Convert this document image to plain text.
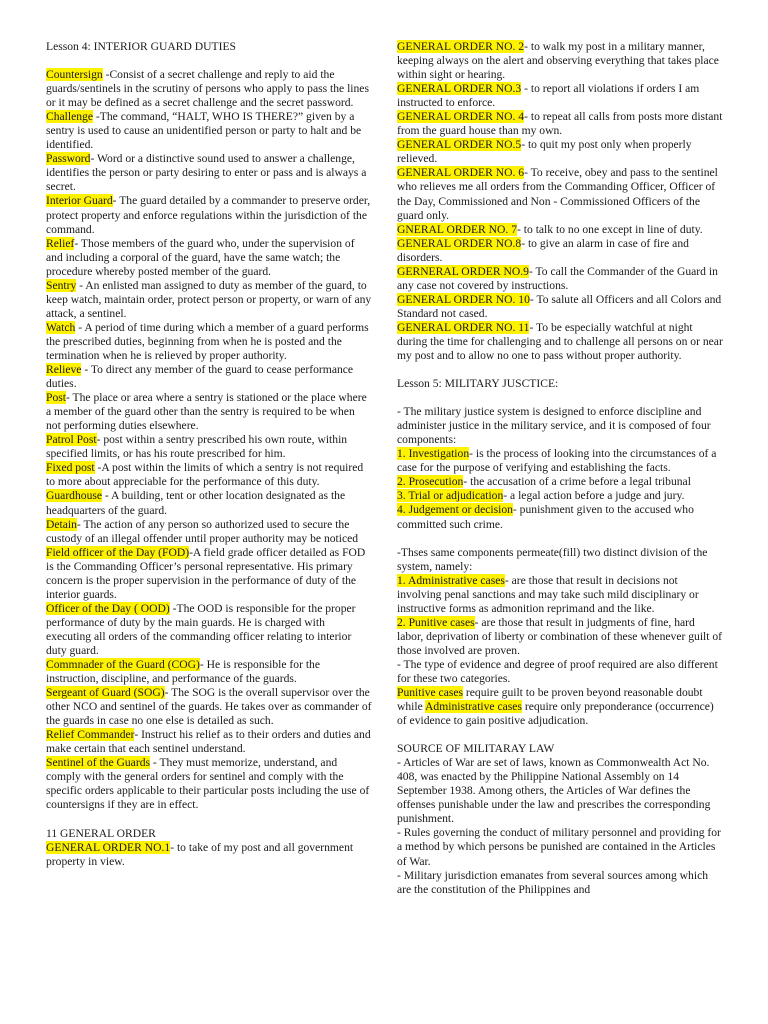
Lesson 4: INTERIOR GUARD DUTIES

Countersign -Consist of a secret challenge and reply to aid the guards/sentinels in the scrutiny of persons who apply to pass the lines or it may be defined as a secret challenge and the secret password.

Challenge -The command, “HALT, WHO IS THERE?” given by a sentry is used to cause an unidentified person or party to halt and be identified.

Password- Word or a distinctive sound used to answer a challenge, identifies the person or party desiring to enter or pass and is always a secret.

Interior Guard- The guard detailed by a commander to preserve order, protect property and enforce regulations within the jurisdiction of the command.

Relief- Those members of the guard who, under the supervision of and including a corporal of the guard, have the same watch; the procedure whereby posted member of the guard.

Sentry - An enlisted man assigned to duty as member of the guard, to keep watch, maintain order, protect person or property, or warn of any attack, a sentinel.

Watch - A period of time during which a member of a guard performs the prescribed duties, beginning from when he is posted and the termination when he is relieved by proper authority.

Relieve - To direct any member of the guard to cease performance duties.

Post- The place or area where a sentry is stationed or the place where a member of the guard other than the sentry is required to be when not performing duties elsewhere.

Patrol Post- post within a sentry prescribed his own route, within specified limits, or has his route prescribed for him.

Fixed post -A post within the limits of which a sentry is not required to more about appreciable for the performance of this duty.

Guardhouse - A building, tent or other location designated as the headquarters of the guard.

Detain- The action of any person so authorized used to secure the custody of an illegal offender until proper authority may be noticed

Field officer of the Day (FOD)-A field grade officer detailed as FOD is the Commanding Officer’s personal representative. His primary concern is the proper supervision in the performance of duty of the interior guards.

Officer of the Day ( OOD) -The OOD is responsible for the proper performance of duty by the main guards. He is charged with executing all orders of the commanding officer relating to interior duty guard.

Commnader of the Guard (COG)- He is responsible for the instruction, discipline, and performance of the guards.

Sergeant of Guard (SOG)- The SOG is the overall supervisor over the other NCO and sentinel of the guards. He takes over as commander of the guards in case no one else is detailed as such.

Relief Commander- Instruct his relief as to their orders and duties and make certain that each sentinel understand.

Sentinel of the Guards - They must memorize, understand, and comply with the general orders for sentinel and comply with the specific orders applicable to their particular posts including the use of countersigns if they are in effect.

11 GENERAL ORDER

GENERAL ORDER NO.1- to take of my post and all government property in view.

GENERAL ORDER NO. 2- to walk my post in a military manner, keeping always on the alert and observing everything that takes place within sight or hearing.

GENERAL ORDER NO.3 - to report all violations if orders I am instructed to enforce.

GENERAL ORDER NO. 4- to repeat all calls from posts more distant from the guard house than my own.

GENERAL ORDER NO.5- to quit my post only when properly relieved.

GENERAL ORDER NO. 6- To receive, obey and pass to the sentinel who relieves me all orders from the Commanding Officer, Officer of the Day, Commissioned and Non - Commissioned Officers of the guard only.

GNERAL ORDER NO. 7- to talk to no one except in line of duty.

GENERAL ORDER NO.8- to give an alarm in case of fire and disorders.

GERNERAL ORDER NO.9- To call the Commander of the Guard in any case not covered by instructions.

GENERAL ORDER NO. 10- To salute all Officers and all Colors and Standard not cased.

GENERAL ORDER NO. 11- To be especially watchful at night during the time for challenging and to challenge all persons on or near my post and to allow no one to pass without proper authority.

Lesson 5: MILITARY JUSCTICE:

- The military justice system is designed to enforce discipline and administer justice in the military service, and it is composed of four components:

1. Investigation- is the process of looking into the circumstances of a case for the purpose of verifying and establishing the facts.

2. Prosecution- the accusation of a crime before a legal tribunal

3. Trial or adjudication- a legal action before a judge and jury.

4. Judgement or decision- punishment given to the accused who committed such crime.

-Thses same components permeate(fill) two distinct division of the system, namely:

1. Administrative cases- are those that result in decisions not involving penal sanctions and may take such mild disciplinary or instructive forms as admonition reprimand and the like.

2. Punitive cases- are those that result in judgments of fine, hard labor, deprivation of liberty or combination of these whenever guilt of those involved are proven.

- The type of evidence and degree of proof required are also different for these two categories.

Punitive cases require guilt to be proven beyond reasonable doubt while Administrative cases require only preponderance (occurrence) of evidence to gain positive adjudication.

SOURCE OF MILITARAY LAW

- Articles of War are set of laws, known as Commonwealth Act No. 408, was enacted by the Philippine National Assembly on 14 September 1938. Among others, the Articles of War defines the offenses punishable under the law and prescribes the corresponding punishment.

- Rules governing the conduct of military personnel and providing for a method by which persons be punished are contained in the Articles of War.

- Military jurisdiction emanates from several sources among which are the constitution of the Philippines and
